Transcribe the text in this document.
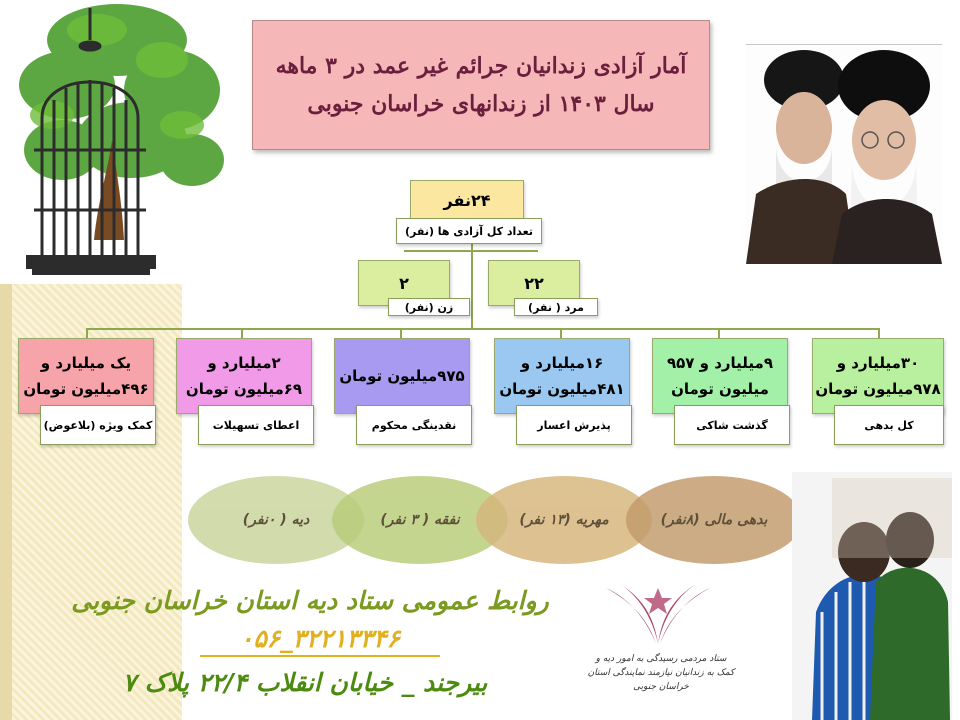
آمار آزادی زندانیان جرائم غیر عمد در ۳ ماهه سال ۱۴۰۳ از زندانهای خراسان جنوبی
۲۴نفر
تعداد کل آزادی ها (نفر)
۲
زن (نفر)
۲۲
مرد ( نفر)
یک میلیارد و ۴۹۶میلیون تومان
کمک ویژه (بلاعوض)
۲میلیارد و ۶۹میلیون تومان
اعطای تسهیلات
۹۷۵میلیون تومان
نقدینگی محکوم
۱۶میلیارد و ۴۸۱میلیون تومان
پذیرش اعسار
۹میلیارد و ۹۵۷ میلیون تومان
گذشت شاکی
۳۰میلیارد و ۹۷۸میلیون تومان
کل بدهی
دیه ( ۰نفر)	نفقه ( ۳ نفر)	مهریه (۱۳ نفر)	بدهی مالی (۸نفر)
ستاد مردمی رسیدگی به امور دیه و کمک به زندانیان نیازمند نمایندگی استان خراسان جنوبی
روابط عمومی ستاد دیه استان خراسان جنوبی
۰۵۶_۳۲۲۱۳۳۴۶
بیرجند _ خیابان انقلاب ۲۲/۴ پلاک ۷
